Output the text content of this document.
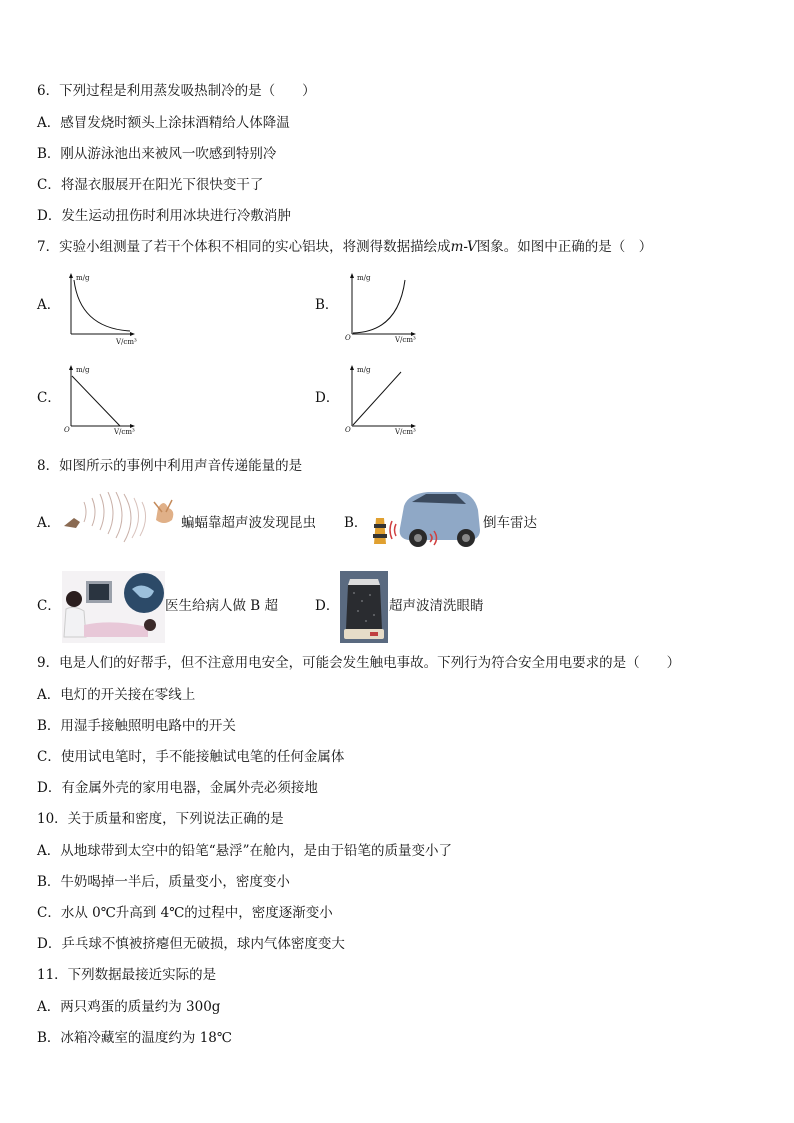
6．下列过程是利用蒸发吸热制冷的是（　　）
A．感冒发烧时额头上涂抹酒精给人体降温
B．刚从游泳池出来被风一吹感到特别冷
C．将湿衣服展开在阳光下很快变干了
D．发生运动扭伤时利用冰块进行冷敷消肿
7．实验小组测量了若干个体积不相同的实心铝块，将测得数据描绘成m-V图象。如图中正确的是（　）
A．
m/g
V/cm³
B．
m/g
V/cm³
O
C．
m/g
V/cm³
O
D．
m/g
V/cm³
O
8．如图所示的事例中利用声音传递能量的是
A．	蝙蝠靠超声波发现昆虫 B．	倒车雷达
C．	医生给病人做 B 超	D．	超声波清洗眼睛
9．电是人们的好帮手，但不注意用电安全，可能会发生触电事故。下列行为符合安全用电要求的是（　　）
A．电灯的开关接在零线上
B．用湿手接触照明电路中的开关
C．使用试电笔时，手不能接触试电笔的任何金属体
D．有金属外壳的家用电器，金属外壳必须接地
10．关于质量和密度，下列说法正确的是
A．从地球带到太空中的铅笔“悬浮”在舱内，是由于铅笔的质量变小了
B．牛奶喝掉一半后，质量变小，密度变小
C．水从 0℃升高到 4℃的过程中，密度逐渐变小
D．乒乓球不慎被挤瘪但无破损，球内气体密度变大
11．下列数据最接近实际的是
A．两只鸡蛋的质量约为 300g
B．冰箱冷藏室的温度约为 18℃
